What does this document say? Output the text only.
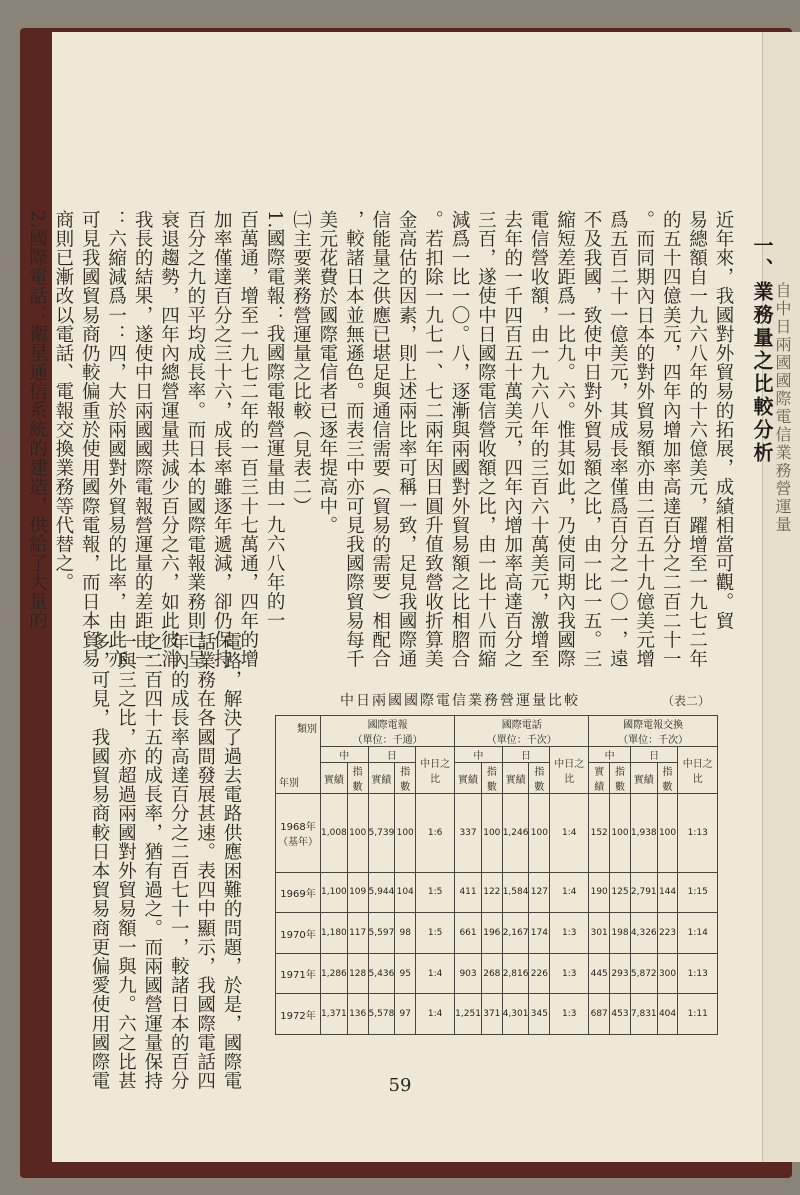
自中日兩國國際電信業務營運量
一、業務量之比較分析

近年來，我國對外貿易的拓展，成績相當可觀。貿

易總額自一九六八年的十六億美元，躍增至一九七二年

的五十四億美元，四年內增加率高達百分之二百二十一

。而同期內日本的對外貿易額亦由二百五十九億美元增

爲五百二十一億美元，其成長率僅爲百分之一〇一，遠

不及我國，致使中日對外貿易額之比，由一比一五。三

縮短差距爲一比九。六。惟其如此，乃使同期內我國際

電信營收額，由一九六八年的三百六十萬美元，激增至

去年的一千四百五十萬美元，四年內增加率高達百分之

三百，遂使中日國際電信營收額之比，由一比十八而縮

減爲一比一〇。八，逐漸與兩國對外貿易額之比相脗合

。若扣除一九七一、七二兩年因日圓升值致營收折算美

金高估的因素，則上述兩比率可稱一致，足見我國際通

信能量之供應已堪足與通信需要（貿易的需要）相配合

，較諸日本並無遜色。而表三中亦可見我國際貿易每千

美元花費於國際電信者已逐年提高中。

㈡主要業務營運量之比較（見表二）

1.國際電報：我國際電報營運量由一九六八年的一

百萬通，增至一九七二年的一百三十七萬通，四年的增

加率僅達百分之三十六，成長率雖逐年遞減，卻仍保持

百分之九的平均成長率。而日本的國際電報業務則已呈

衰退趨勢，四年內總營運量共減少百分之六，如此彼消

我長的結果，遂使中日兩國國際電報營運量的差距由一

：六縮減爲一：四，大於兩國對外貿易的比率，由此亦

可見我國貿易商仍較偏重於使用國際電報，而日本貿易

商則已漸改以電話、電報交換業務等代替之。

2.國際電話：衛星通信系統的建造，供給了大量的

電路，解決了過去電路供應困難的問題，於是，國際電

話業務在各國間發展甚速。表四中顯示，我國際電話四

年內的成長率高達百分之二百七十一，較諸日本的百分

之二百四十五的成長率，猶有過之。而兩國營運量保持

一與三之比，亦超過兩國對外貿易額一與九。六之比甚

多，可見，我國貿易商較日本貿易商更偏愛使用國際電	中日兩國國際電信業務營運量比較	（表二）
類別
年別	國際電報
（單位：千通）					國際電話
（單位：千次）					國際電報交換
（單位：千次）				
	中		日		中日之比	中		日		中日之比	中		日		中日之比
	實績	指數	實績	指數		實績	指數	實績	指數		實績	指數	實績	指數	
1968年（基年）	1,008	100	5,739	100	1:6	337	100	1,246	100	1:4	152	100	1,938	100	1:13
1969年	1,100	109	5,944	104	1:5	411	122	1,584	127	1:4	190	125	2,791	144	1:15
1970年	1,180	117	5,597	98	1:5	661	196	2,167	174	1:3	301	198	4,326	223	1:14
1971年	1,286	128	5,436	95	1:4	903	268	2,816	226	1:3	445	293	5,872	300	1:13
1972年	1,371	136	5,578	97	1:4	1,251	371	4,301	345	1:3	687	453	7,831	404	1:11
59
